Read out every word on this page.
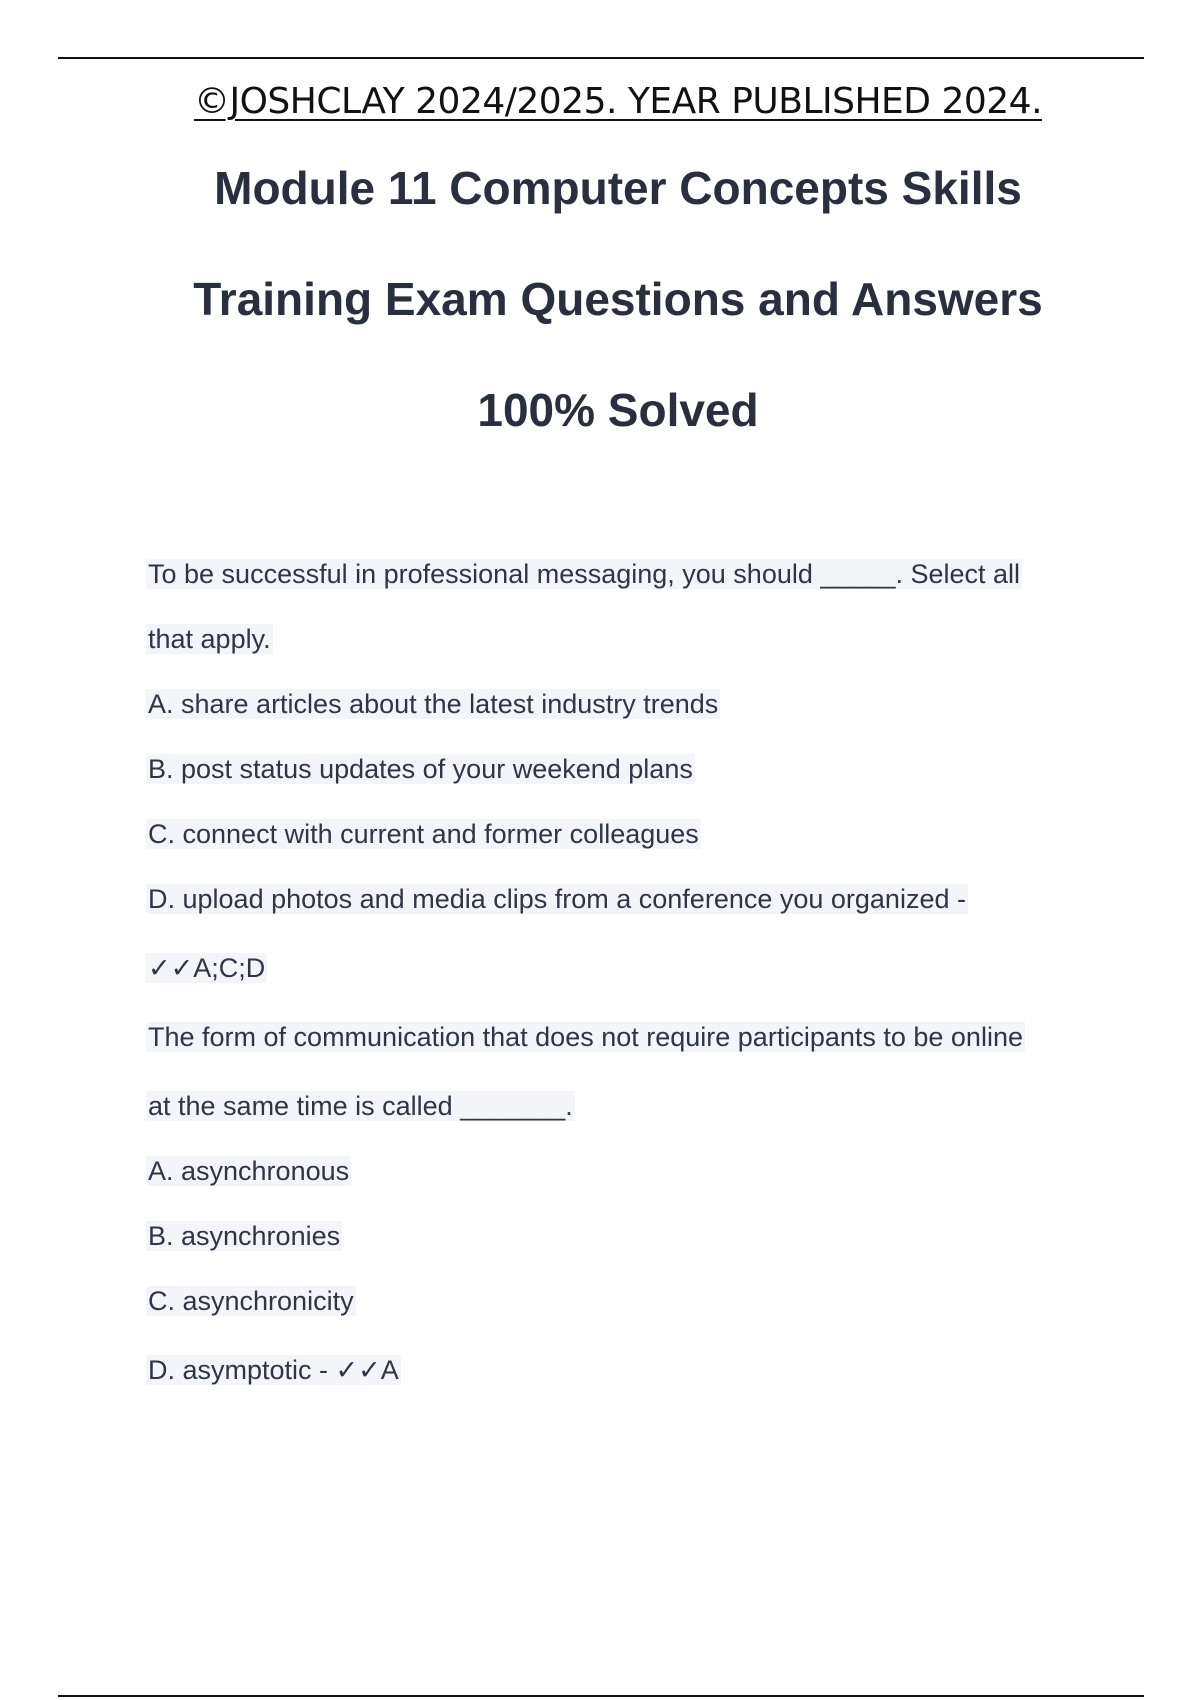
©JOSHCLAY 2024/2025. YEAR PUBLISHED 2024.
Module 11 Computer Concepts Skills
Training Exam Questions and Answers
100% Solved
To be successful in professional messaging, you should _____. Select all
that apply.
A. share articles about the latest industry trends
B. post status updates of your weekend plans
C. connect with current and former colleagues
D. upload photos and media clips from a conference you organized -
✓✓A;C;D
The form of communication that does not require participants to be online
at the same time is called _______.
A. asynchronous
B. asynchronies
C. asynchronicity
D. asymptotic - ✓✓A
